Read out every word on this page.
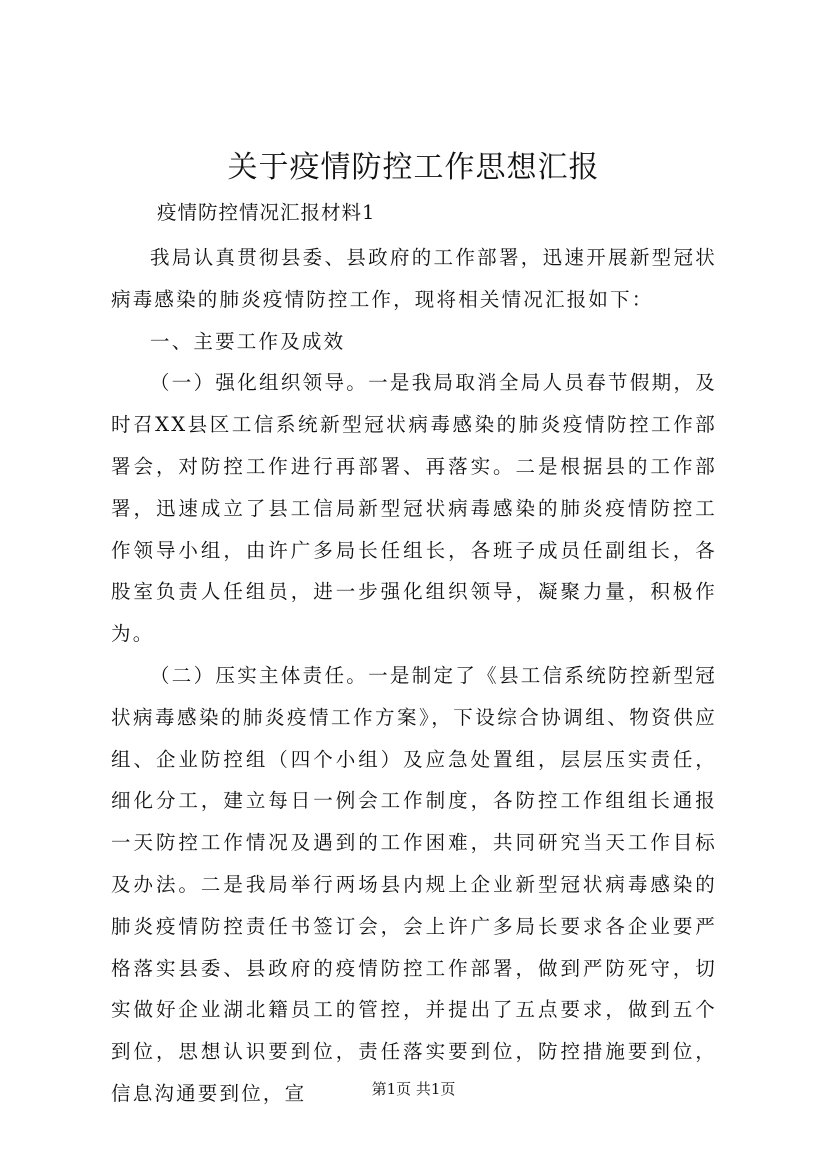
关于疫情防控工作思想汇报
疫情防控情况汇报材料1

我局认真贯彻县委、县政府的工作部署，迅速开展新型冠状病毒感染的肺炎疫情防控工作，现将相关情况汇报如下：

一、主要工作及成效

（一）强化组织领导。一是我局取消全局人员春节假期，及时召XX县区工信系统新型冠状病毒感染的肺炎疫情防控工作部署会，对防控工作进行再部署、再落实。二是根据县的工作部署，迅速成立了县工信局新型冠状病毒感染的肺炎疫情防控工作领导小组，由许广多局长任组长，各班子成员任副组长，各股室负责人任组员，进一步强化组织领导，凝聚力量，积极作为。

（二）压实主体责任。一是制定了《县工信系统防控新型冠状病毒感染的肺炎疫情工作方案》，下设综合协调组、物资供应组、企业防控组（四个小组）及应急处置组，层层压实责任，细化分工，建立每日一例会工作制度，各防控工作组组长通报一天防控工作情况及遇到的工作困难，共同研究当天工作目标及办法。二是我局举行两场县内规上企业新型冠状病毒感染的肺炎疫情防控责任书签订会，会上许广多局长要求各企业要严格落实县委、县政府的疫情防控工作部署，做到严防死守，切实做好企业湖北籍员工的管控，并提出了五点要求，做到五个到位，思想认识要到位，责任落实要到位，防控措施要到位，信息沟通要到位，宣	第1页 共1页
